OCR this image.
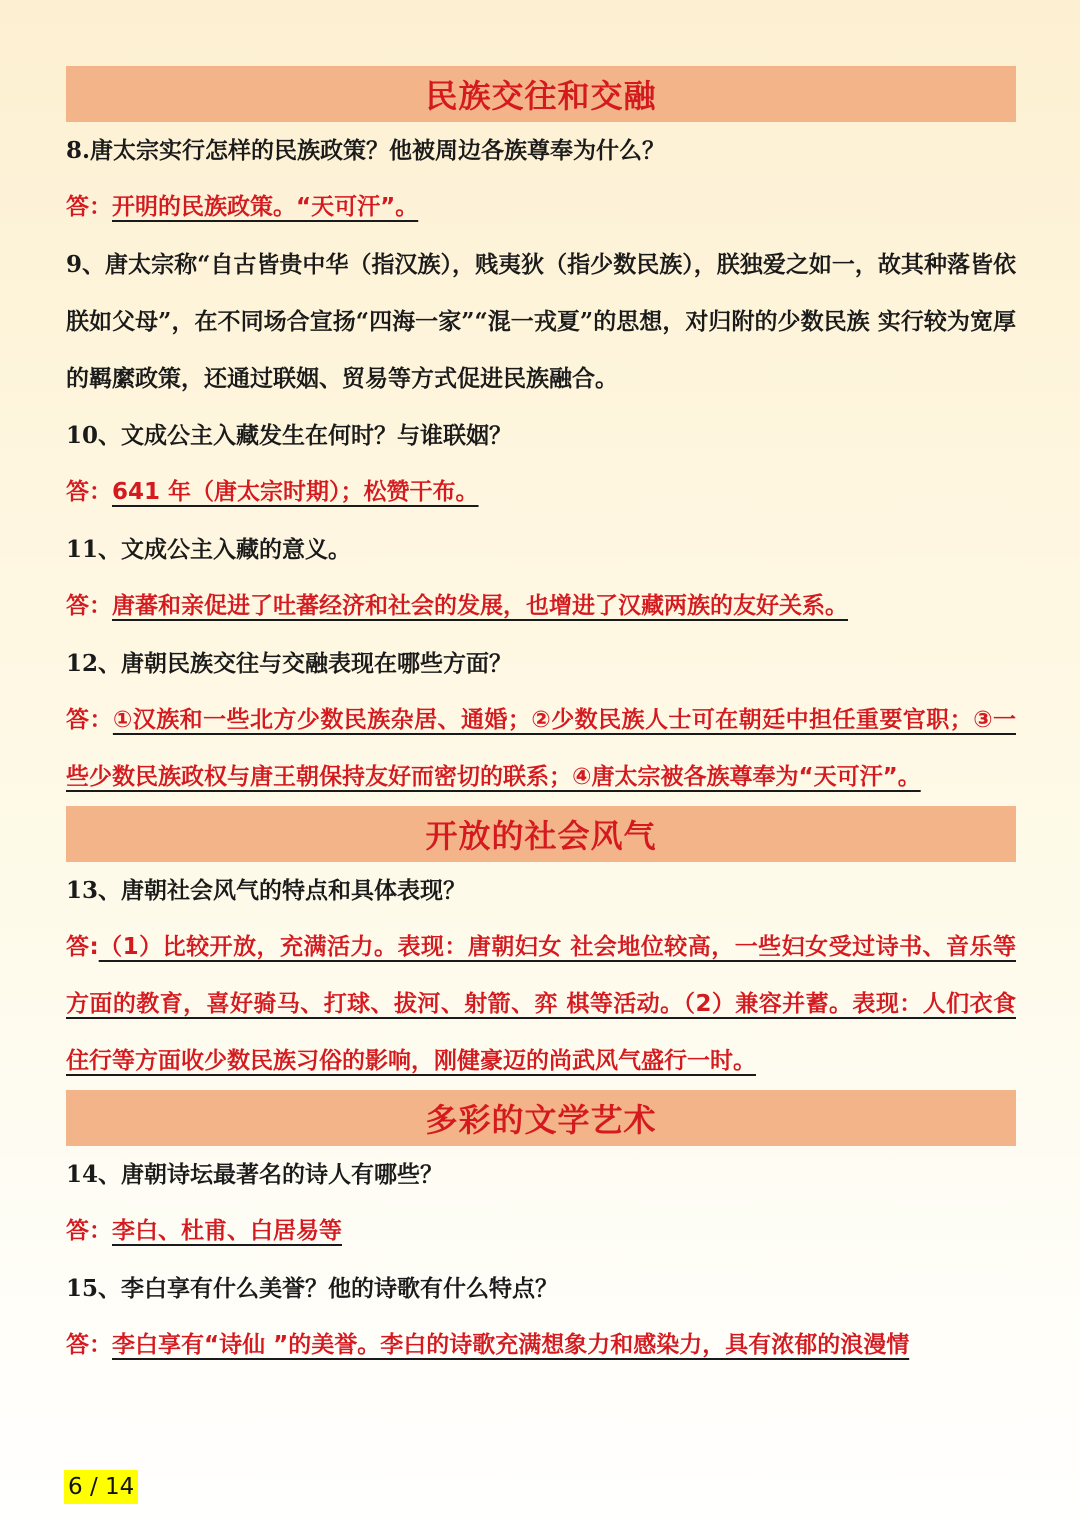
民族交往和交融

8.唐太宗实行怎样的民族政策？他被周边各族尊奉为什么？

答：开明的民族政策。“天可汗”。

9、唐太宗称“自古皆贵中华（指汉族），贱夷狄（指少数民族），朕独爱之如一，故其种落皆依朕如父母”，在不同场合宣扬“四海一家”“混一戎夏”的思想，对归附的少数民族 实行较为宽厚的羁縻政策，还通过联姻、贸易等方式促进民族融合。

10、文成公主入藏发生在何时？与谁联姻？

答：641 年（唐太宗时期）；松赞干布。

11、文成公主入藏的意义。

答：唐蕃和亲促进了吐蕃经济和社会的发展，也增进了汉藏两族的友好关系。

12、唐朝民族交往与交融表现在哪些方面？

答：①汉族和一些北方少数民族杂居、通婚；②少数民族人士可在朝廷中担任重要官职；③一些少数民族政权与唐王朝保持友好而密切的联系；④唐太宗被各族尊奉为“天可汗”。

开放的社会风气

13、唐朝社会风气的特点和具体表现？

答:（1）比较开放，充满活力。表现：唐朝妇女 社会地位较高，一些妇女受过诗书、音乐等方面的教育，喜好骑马、打球、拔河、射箭、弈 棋等活动。（2）兼容并蓄。表现：人们衣食住行等方面收少数民族习俗的影响，刚健豪迈的尚武风气盛行一时。

多彩的文学艺术

14、唐朝诗坛最著名的诗人有哪些？

答：李白、杜甫、白居易等

15、李白享有什么美誉？他的诗歌有什么特点？

答：李白享有“诗仙 ”的美誉。李白的诗歌充满想象力和感染力，具有浓郁的浪漫情

6 / 14
